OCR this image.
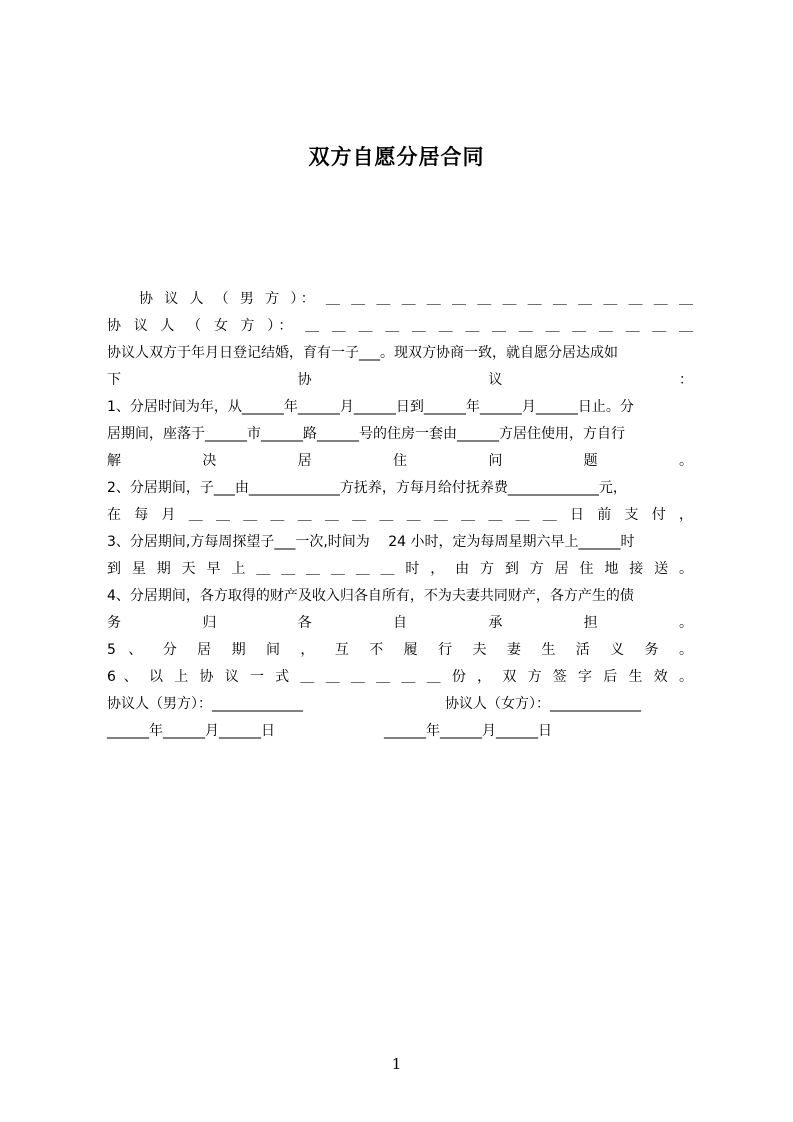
双方自愿分居合同
协 议 人 （ 男 方 ）： ＿ ＿ ＿ ＿ ＿ ＿ ＿ ＿ ＿ ＿ ＿ ＿ ＿ ＿ ＿
协 议 人 （ 女 方 ）： ＿ ＿ ＿ ＿ ＿ ＿ ＿ ＿ ＿ ＿ ＿ ＿ ＿ ＿ ＿
协议人双方于年月日登记结婚，育有一子___。现双方协商一致，就自愿分居达成如
下 协 议 ：
1、分居时间为年，从______年______月______日到______年______月______日止。分
居期间，座落于______市______路______号的住房一套由______方居住使用，方自行
解 决 居 住 问 题 。
2、分居期间，子___由_____________方抚养，方每月给付抚养费_____________元，
在 每 月 ＿ ＿ ＿ ＿ ＿ ＿ ＿ ＿ ＿ ＿ ＿ ＿ ＿ ＿ 日 前 支 付 ，
3、分居期间,方每周探望子___一次,时间为　 24 小时，定为每周星期六早上______时
到 星 期 天 早 上 ＿ ＿ ＿ ＿ ＿ ＿ 时 ， 由 方 到 方 居 住 地 接 送 。
4、分居期间，各方取得的财产及收入归各自所有，不为夫妻共同财产，各方产生的债
务 归 各 自 承 担 。
5 、 分 居 期 间 ， 互 不 履 行 夫 妻 生 活 义 务 。
6 、 以 上 协 议 一 式 ＿ ＿ ＿ ＿ ＿ ＿ 份 ， 双 方 签 字 后 生 效 。
协议人（男方）：_____________	协议人（女方）：_____________
______年______月______日	______年______月______日
1
